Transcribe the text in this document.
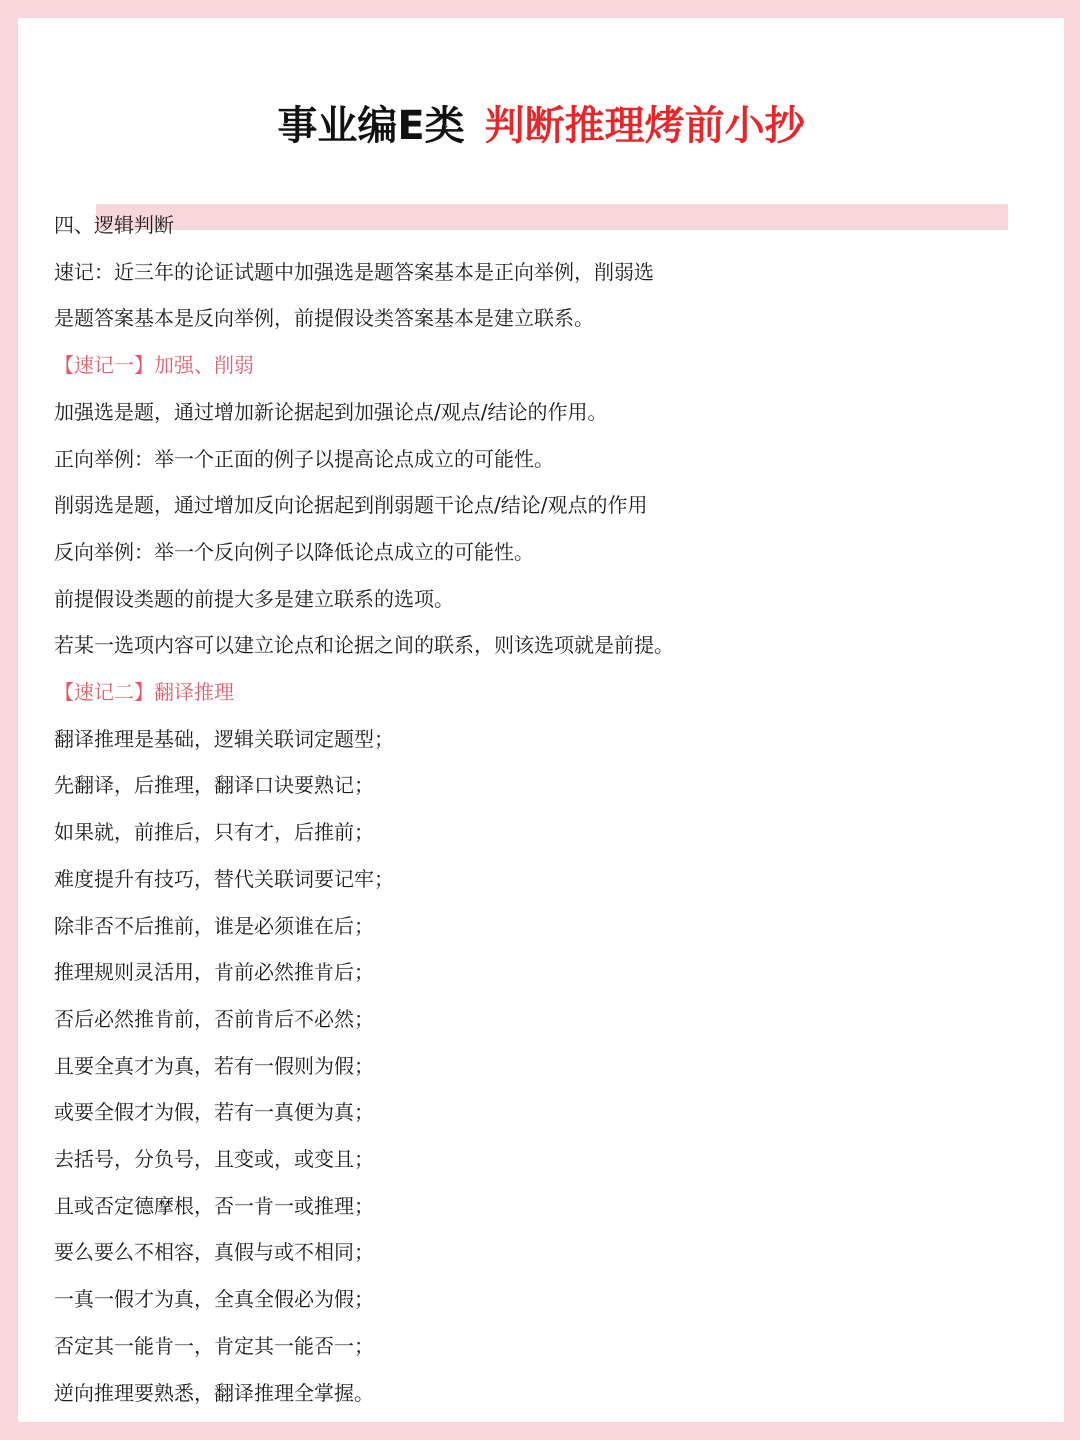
事业编E类 判断推理烤前小抄
四、逻辑判断
速记：近三年的论证试题中加强选是题答案基本是正向举例，削弱选
是题答案基本是反向举例，前提假设类答案基本是建立联系。
【速记一】加强、削弱
加强选是题，通过增加新论据起到加强论点/观点/结论的作用。
正向举例：举一个正面的例子以提高论点成立的可能性。
削弱选是题，通过增加反向论据起到削弱题干论点/结论/观点的作用
反向举例：举一个反向例子以降低论点成立的可能性。
前提假设类题的前提大多是建立联系的选项。
若某一选项内容可以建立论点和论据之间的联系，则该选项就是前提。
【速记二】翻译推理
翻译推理是基础，逻辑关联词定题型；
先翻译，后推理，翻译口诀要熟记；
如果就，前推后，只有才，后推前；
难度提升有技巧，替代关联词要记牢；
除非否不后推前，谁是必须谁在后；
推理规则灵活用，肯前必然推肯后；
否后必然推肯前，否前肯后不必然；
且要全真才为真，若有一假则为假；
或要全假才为假，若有一真便为真；
去括号，分负号，且变或，或变且；
且或否定德摩根，否一肯一或推理；
要么要么不相容，真假与或不相同；
一真一假才为真，全真全假必为假；
否定其一能肯一，肯定其一能否一；
逆向推理要熟悉，翻译推理全掌握。
